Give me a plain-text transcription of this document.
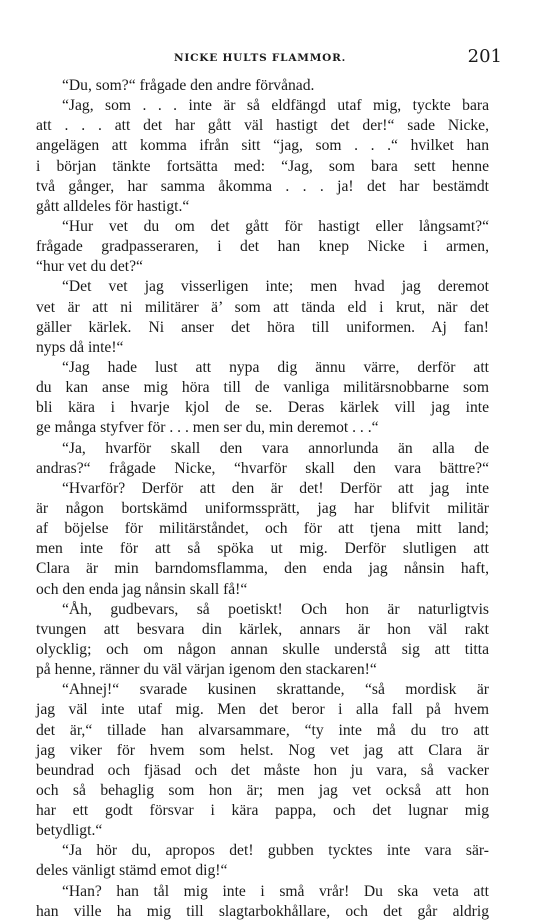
NICKE HULTS FLAMMOR.	201
“Du, som?“ frågade den andre förvånad.
“Jag, som . . . inte är så eldfängd utaf mig, tyckte bara
att . . . att det har gått väl hastigt det der!“ sade Nicke,
angelägen att komma ifrån sitt “jag, som . . .“ hvilket han
i början tänkte fortsätta med: “Jag, som bara sett henne
två gånger, har samma åkomma . . . ja! det har bestämdt
gått alldeles för hastigt.“
“Hur vet du om det gått för hastigt eller långsamt?“
frågade gradpasseraren, i det han knep Nicke i armen,
“hur vet du det?“
“Det vet jag visserligen inte; men hvad jag deremot
vet är att ni militärer ä’ som att tända eld i krut, när det
gäller kärlek. Ni anser det höra till uniformen. Aj fan!
nyps då inte!“
“Jag hade lust att nypa dig ännu värre, derför att
du kan anse mig höra till de vanliga militärsnobbarne som
bli kära i hvarje kjol de se. Deras kärlek vill jag inte
ge många styfver för . . . men ser du, min deremot . . .“
“Ja, hvarför skall den vara annorlunda än alla de
andras?“ frågade Nicke, “hvarför skall den vara bättre?“
“Hvarför? Derför att den är det! Derför att jag inte
är någon bortskämd uniformssprätt, jag har blifvit militär
af böjelse för militärståndet, och för att tjena mitt land;
men inte för att så spöka ut mig. Derför slutligen att
Clara är min barndomsflamma, den enda jag nånsin haft,
och den enda jag nånsin skall få!“
“Åh, gudbevars, så poetiskt! Och hon är naturligtvis
tvungen att besvara din kärlek, annars är hon väl rakt
olycklig; och om någon annan skulle understå sig att titta
på henne, ränner du väl värjan igenom den stackaren!“
“Ahnej!“ svarade kusinen skrattande, “så mordisk är
jag väl inte utaf mig. Men det beror i alla fall på hvem
det är,“ tillade han alvarsammare, “ty inte må du tro att
jag viker för hvem som helst. Nog vet jag att Clara är
beundrad och fjäsad och det måste hon ju vara, så vacker
och så behaglig som hon är; men jag vet också att hon
har ett godt försvar i kära pappa, och det lugnar mig
betydligt.“
“Ja hör du, apropos det! gubben tycktes inte vara sär-
deles vänligt stämd emot dig!“
“Han? han tål mig inte i små vrår! Du ska veta att
han ville ha mig till slagtarbokhållare, och det går aldrig
